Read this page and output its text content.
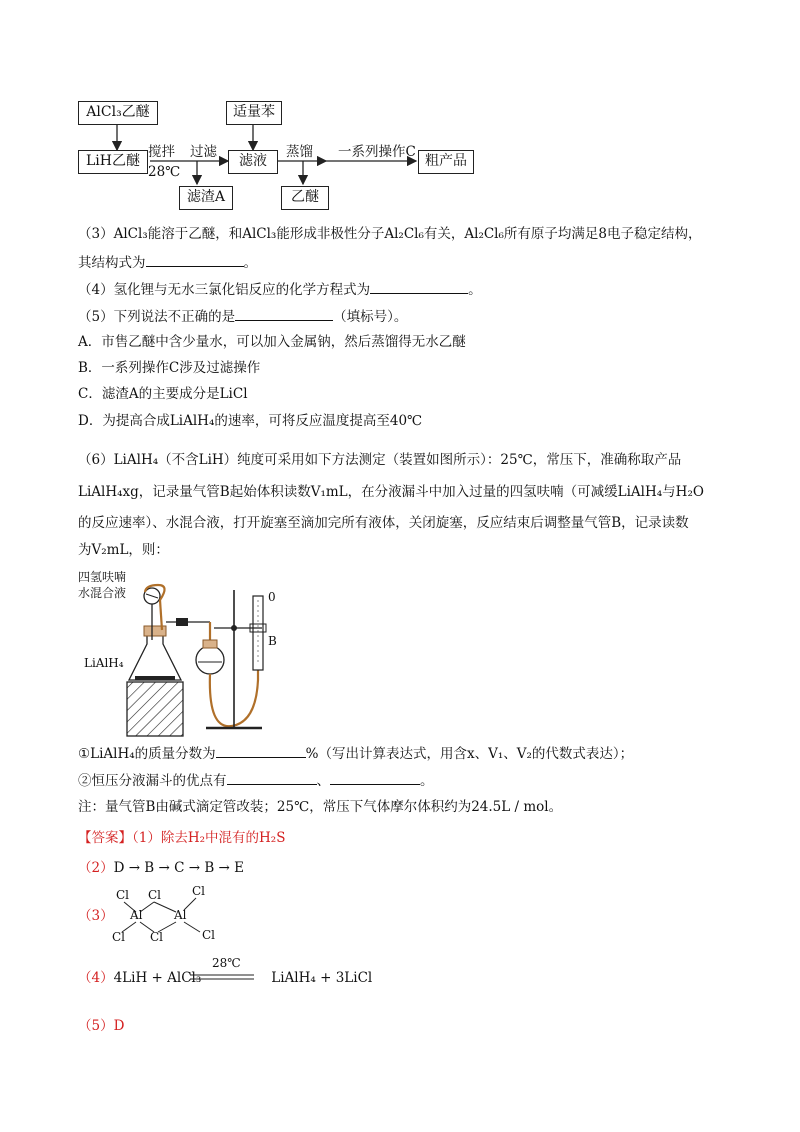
AlCl₃乙醚
LiH乙醚
适量苯
滤液
滤渣A	乙醚
粗产品
搅拌
28℃
过滤	蒸馏 一系列操作C
（3）AlCl₃能溶于乙醚，和AlCl₃能形成非极性分子Al₂Cl₆有关，Al₂Cl₆所有原子均满足8电子稳定结构，
其结构式为	。
（4）氢化锂与无水三氯化铝反应的化学方程式为	。
（5）下列说法不正确的是	（填标号）。
A．市售乙醚中含少量水，可以加入金属钠，然后蒸馏得无水乙醚
B．一系列操作C涉及过滤操作
C．滤渣A的主要成分是LiCl
D．为提高合成LiAlH₄的速率，可将反应温度提高至40℃
（6）LiAlH₄（不含LiH）纯度可采用如下方法测定（装置如图所示）：25℃，常压下，准确称取产品
LiAlH₄xg，记录量气管B起始体积读数V₁mL，在分液漏斗中加入过量的四氢呋喃（可减缓LiAlH₄与H₂O
的反应速率）、水混合液，打开旋塞至滴加完所有液体，关闭旋塞，反应结束后调整量气管B，记录读数
为V₂mL，则：
四氢呋喃
水混合液
LiAlH₄
0
B
①LiAlH₄的质量分数为	%（写出计算表达式，用含x、V₁、V₂的代数式表达）；
②恒压分液漏斗的优点有	、	。
注：量气管B由碱式滴定管改装；25℃，常压下气体摩尔体积约为24.5L / mol。
【答案】（1）除去H₂中混有的H₂S
（2）D → B → C → B → E
（3）
Cl Cl	Cl
Al	Al
Cl Cl	Cl
（4）4LiH + AlCl₃	LiAlH₄ + 3LiCl
28℃
（5）D
